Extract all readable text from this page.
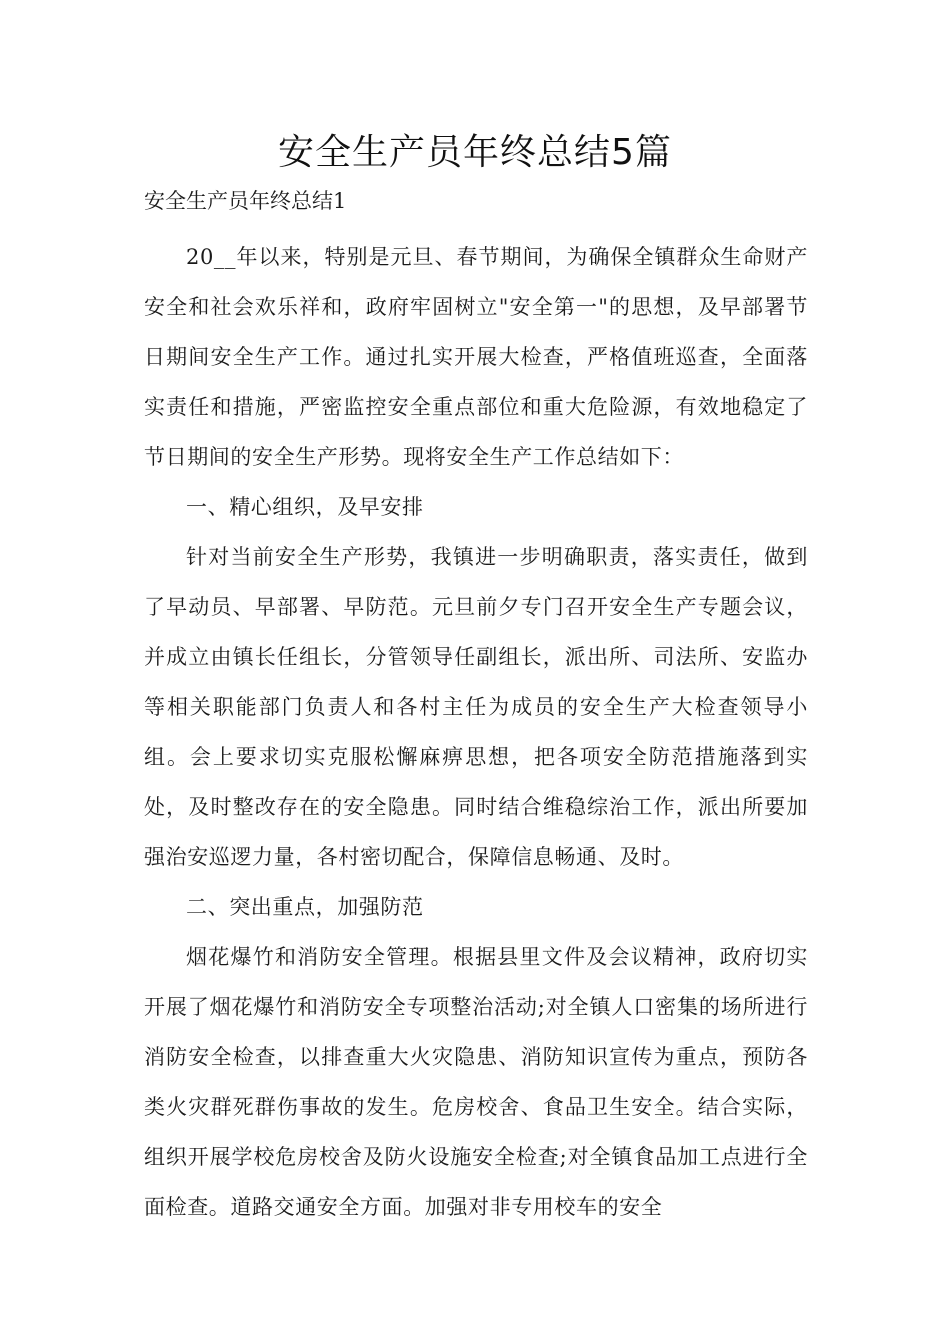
安全生产员年终总结5篇
安全生产员年终总结1

20__年以来，特别是元旦、春节期间，为确保全镇群众生命财产安全和社会欢乐祥和，政府牢固树立"安全第一"的思想，及早部署节日期间安全生产工作。通过扎实开展大检查，严格值班巡查，全面落实责任和措施，严密监控安全重点部位和重大危险源，有效地稳定了节日期间的安全生产形势。现将安全生产工作总结如下：

一、精心组织，及早安排

针对当前安全生产形势，我镇进一步明确职责，落实责任，做到了早动员、早部署、早防范。元旦前夕专门召开安全生产专题会议，并成立由镇长任组长，分管领导任副组长，派出所、司法所、安监办等相关职能部门负责人和各村主任为成员的安全生产大检查领导小组。会上要求切实克服松懈麻痹思想，把各项安全防范措施落到实处，及时整改存在的安全隐患。同时结合维稳综治工作，派出所要加强治安巡逻力量，各村密切配合，保障信息畅通、及时。

二、突出重点，加强防范

烟花爆竹和消防安全管理。根据县里文件及会议精神，政府切实开展了烟花爆竹和消防安全专项整治活动;对全镇人口密集的场所进行消防安全检查，以排查重大火灾隐患、消防知识宣传为重点，预防各类火灾群死群伤事故的发生。危房校舍、食品卫生安全。结合实际，组织开展学校危房校舍及防火设施安全检查;对全镇食品加工点进行全面检查。道路交通安全方面。加强对非专用校车的安全
